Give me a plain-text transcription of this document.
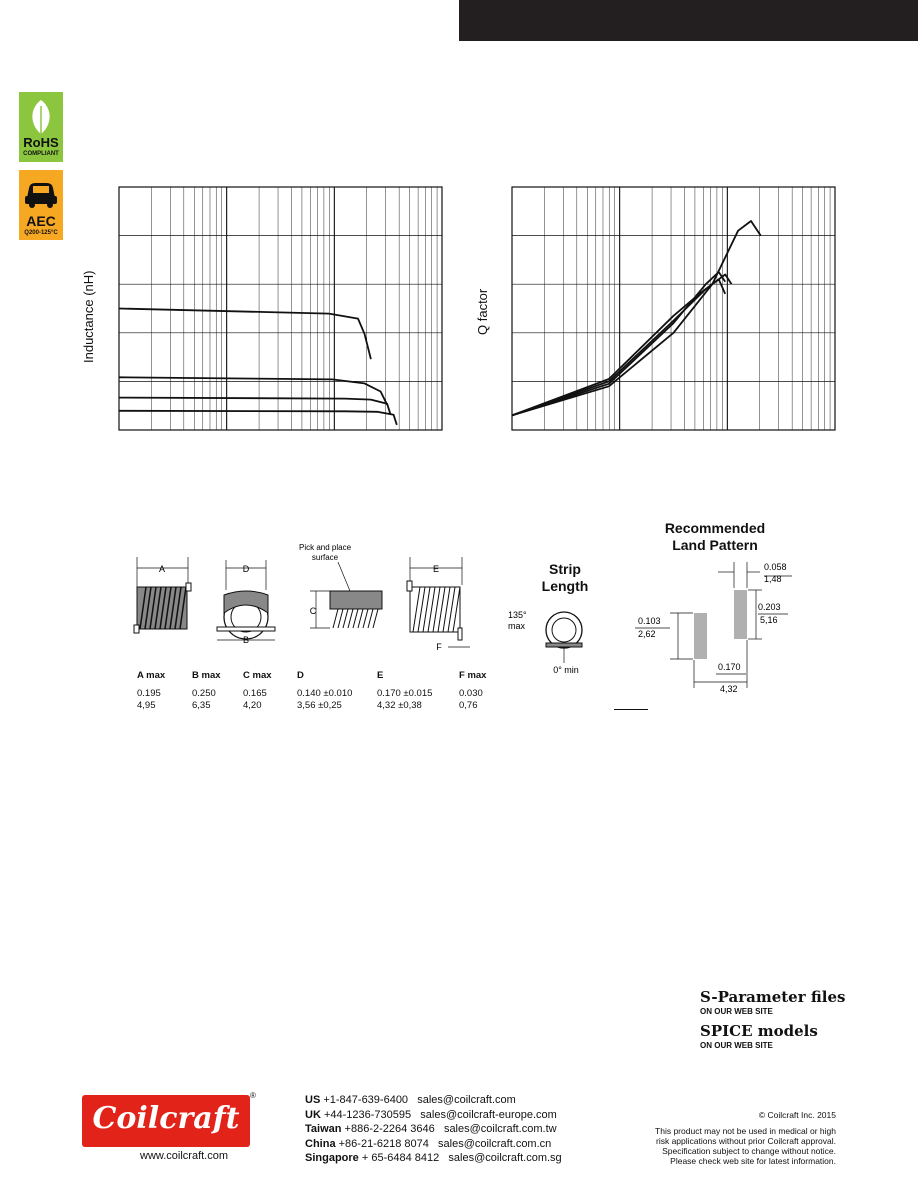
RoHS
COMPLIANT
AEC
Q200-125°C
Inductance (nH)	Q factor
A	D
B
Pick and place
surface
C
E
F
A max	B max C max	D	E	F max
0.195	0.250	0.165	0.140 ±0.010	0.170 ±0.015	0.030
4,95	6,35	4,20	3,56 ±0,25	4,32 ±0,38	0,76
Strip
Length
135°
max
0° min
Recommended
Land Pattern
0.058
1,48
0.203
5,16
0.103
2,62
0.170
4,32
S-Parameter files
ON OUR WEB SITE
SPICE models
ON OUR WEB SITE
Coilcraft
®
www.coilcraft.com
US +1-847-639-6400 sales@coilcraft.com
UK +44-1236-730595 sales@coilcraft-europe.com
Taiwan +886-2-2264 3646 sales@coilcraft.com.tw
China +86-21-6218 8074 sales@coilcraft.com.cn
Singapore + 65-6484 8412 sales@coilcraft.com.sg
© Coilcraft Inc. 2015
This product may not be used in medical or high
risk applications without prior Coilcraft approval.
Specification subject to change without notice.
Please check web site for latest information.
